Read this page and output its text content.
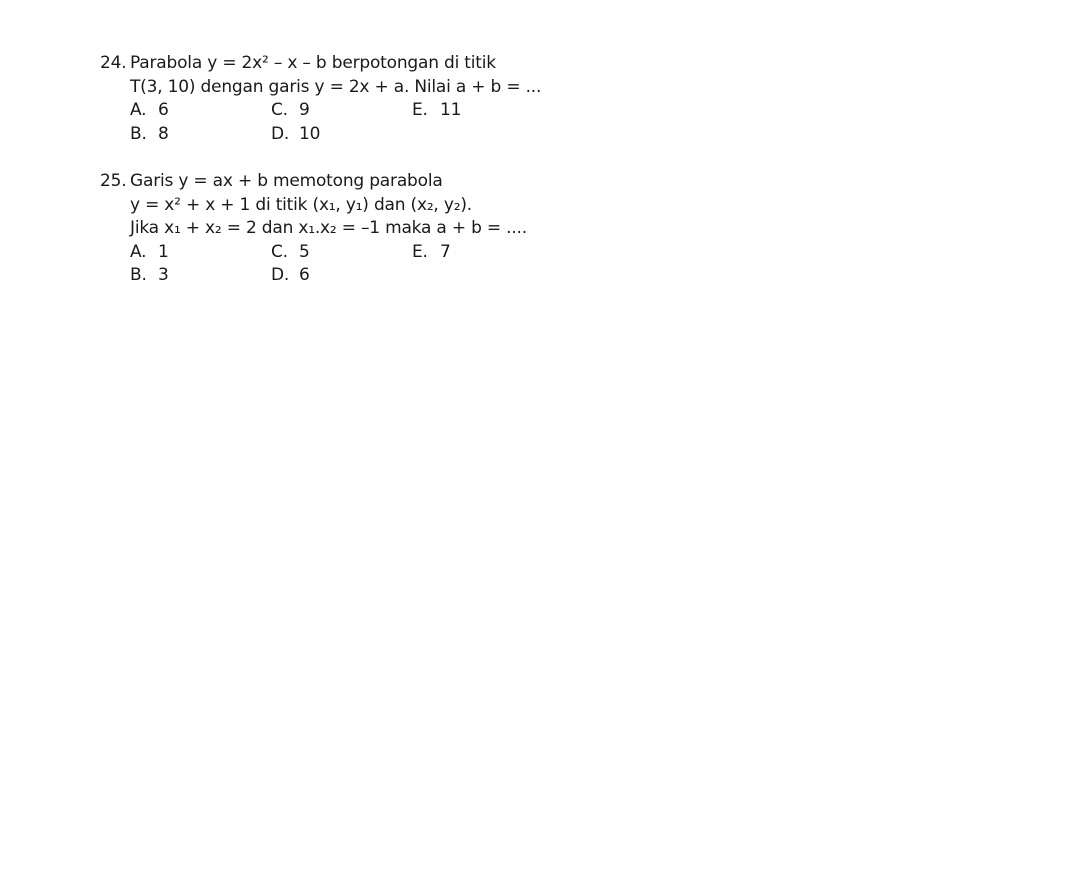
24. Parabola y = 2x² – x – b berpotongan di titik
T(3, 10) dengan garis y = 2x + a. Nilai a + b = ...
A. 6	C. 9	E. 11
B. 8	D. 10
25. Garis y = ax + b memotong parabola
y = x² + x + 1 di titik (x₁, y₁) dan (x₂, y₂).
Jika x₁ + x₂ = 2 dan x₁.x₂ = –1 maka a + b = ....
A. 1	C. 5	E. 7
B. 3	D. 6
